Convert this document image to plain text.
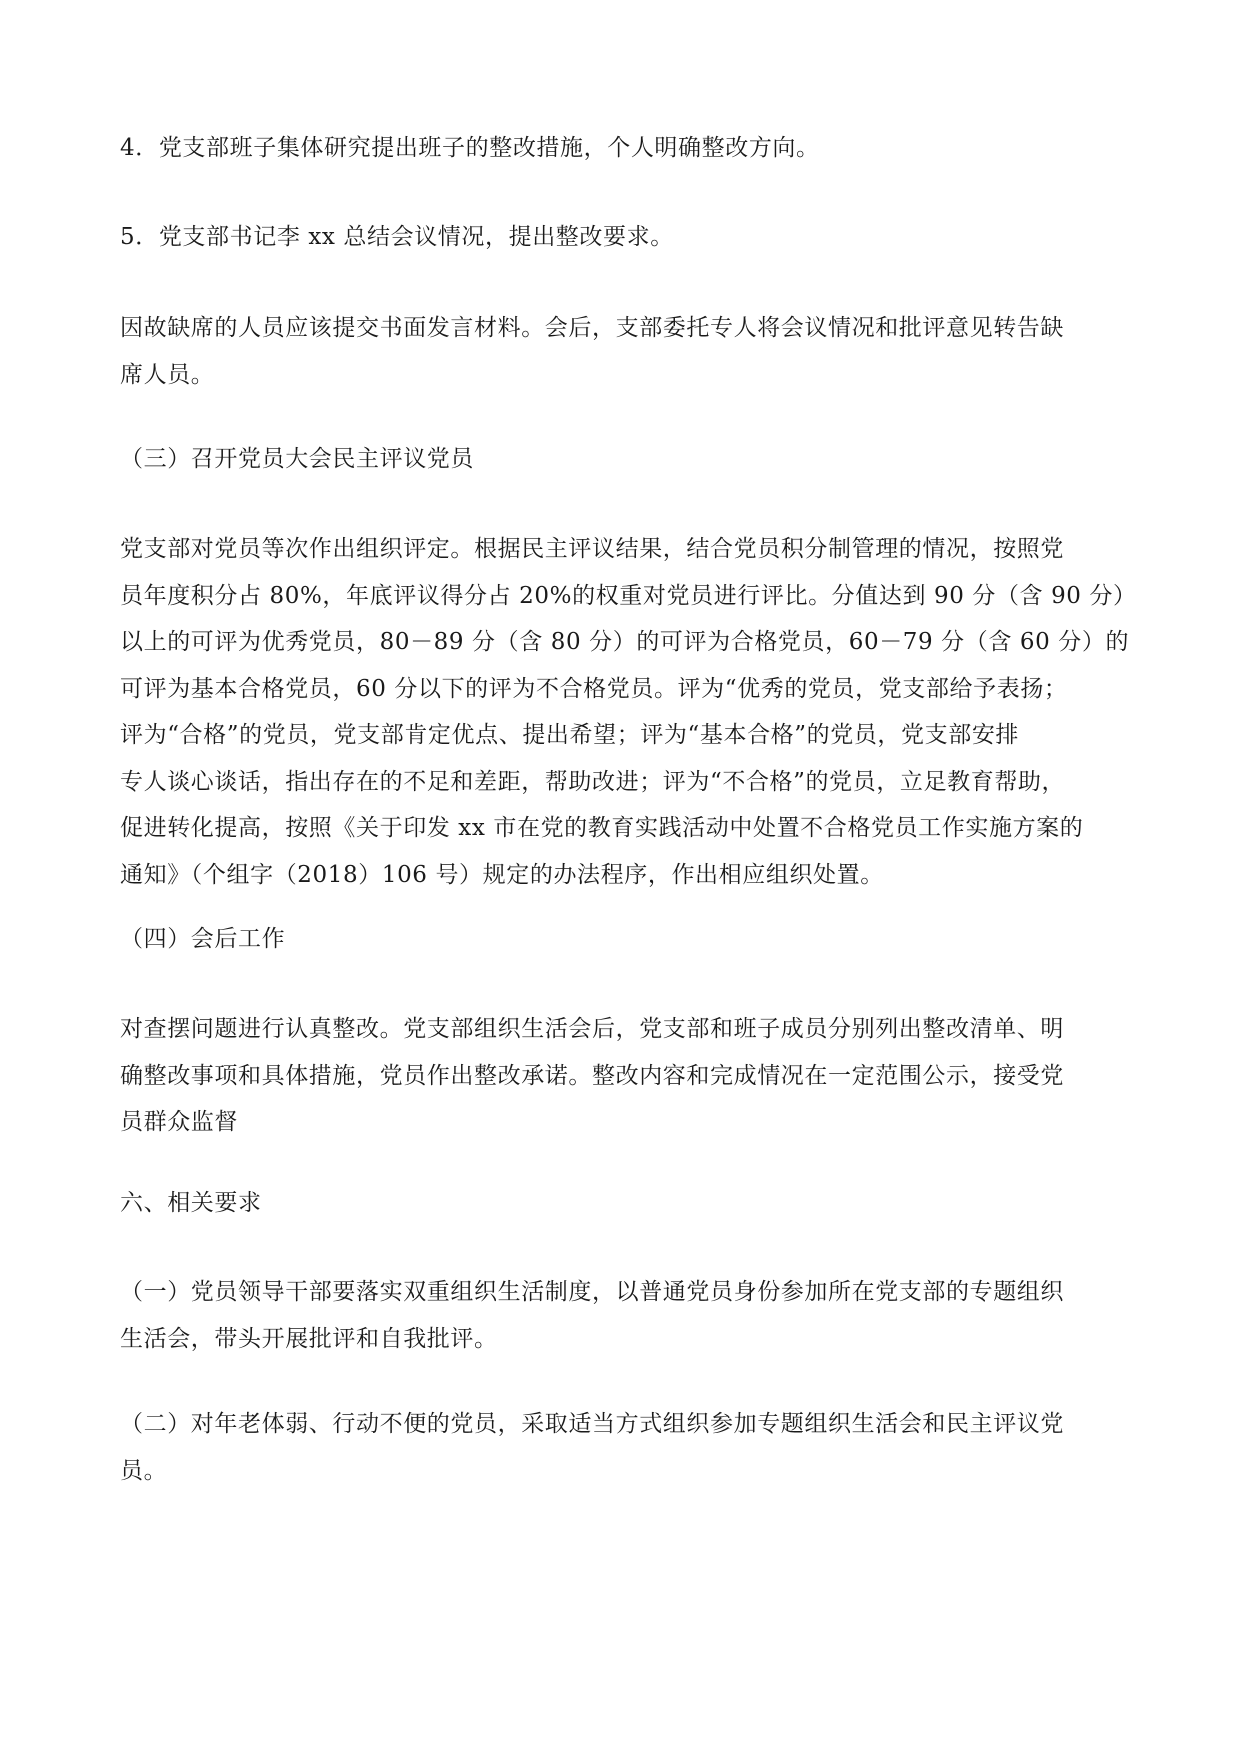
4．党支部班子集体研究提出班子的整改措施，个人明确整改方向。

5．党支部书记李 xx 总结会议情况，提出整改要求。

因故缺席的人员应该提交书面发言材料。会后，支部委托专人将会议情况和批评意见转告缺
席人员。

（三）召开党员大会民主评议党员

党支部对党员等次作出组织评定。根据民主评议结果，结合党员积分制管理的情况，按照党
员年度积分占 80%，年底评议得分占 20%的权重对党员进行评比。分值达到 90 分（含 90 分）
以上的可评为优秀党员，80－89 分（含 80 分）的可评为合格党员，60－79 分（含 60 分）的
可评为基本合格党员，60 分以下的评为不合格党员。评为“优秀的党员，党支部给予表扬；
评为“合格”的党员，党支部肯定优点、提出希望；评为“基本合格”的党员，党支部安排
专人谈心谈话，指出存在的不足和差距，帮助改进；评为“不合格”的党员，立足教育帮助，
促进转化提高，按照《关于印发 xx 市在党的教育实践活动中处置不合格党员工作实施方案的
通知》（个组字（2018）106 号）规定的办法程序，作出相应组织处置。

（四）会后工作

对查摆问题进行认真整改。党支部组织生活会后，党支部和班子成员分别列出整改清单、明
确整改事项和具体措施，党员作出整改承诺。整改内容和完成情况在一定范围公示，接受党
员群众监督

六、相关要求

（一）党员领导干部要落实双重组织生活制度，以普通党员身份参加所在党支部的专题组织
生活会，带头开展批评和自我批评。

（二）对年老体弱、行动不便的党员，采取适当方式组织参加专题组织生活会和民主评议党
员。
